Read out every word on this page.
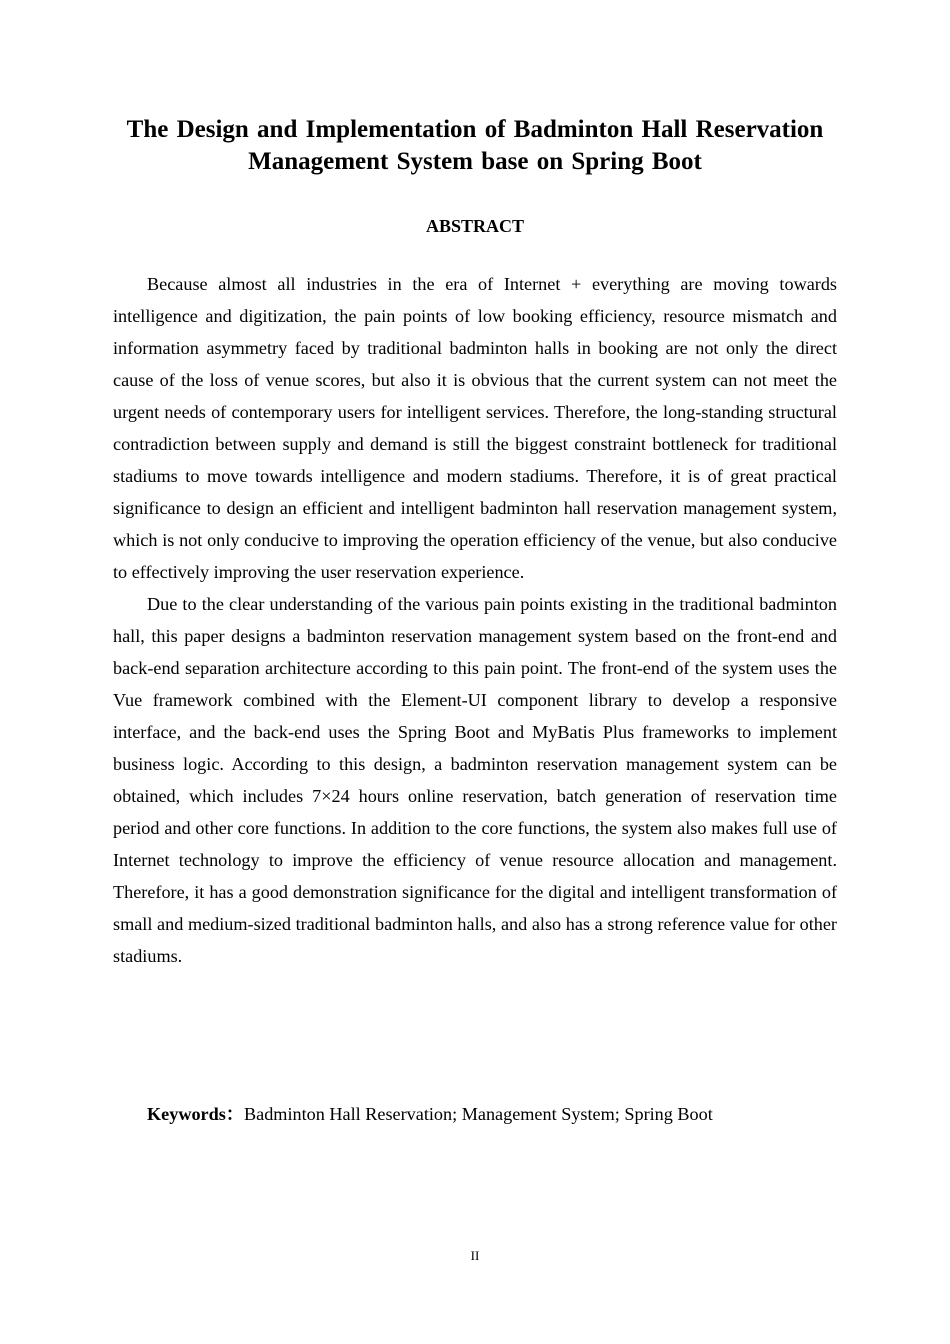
The Design and Implementation of Badminton Hall Reservation
Management System base on Spring Boot
ABSTRACT

Because almost all industries in the era of Internet + everything are moving towards intelligence and digitization, the pain points of low booking efficiency, resource mismatch and information asymmetry faced by traditional badminton halls in booking are not only the direct cause of the loss of venue scores, but also it is obvious that the current system can not meet the urgent needs of contemporary users for intelligent services. Therefore, the long-standing structural contradiction between supply and demand is still the biggest constraint bottleneck for traditional stadiums to move towards intelligence and modern stadiums. Therefore, it is of great practical significance to design an efficient and intelligent badminton hall reservation management system, which is not only conducive to improving the operation efficiency of the venue, but also conducive to effectively improving the user reservation experience.

Due to the clear understanding of the various pain points existing in the traditional badminton hall, this paper designs a badminton reservation management system based on the front-end and back-end separation architecture according to this pain point. The front-end of the system uses the Vue framework combined with the Element-UI component library to develop a responsive interface, and the back-end uses the Spring Boot and MyBatis Plus frameworks to implement business logic. According to this design, a badminton reservation management system can be obtained, which includes 7×24 hours online reservation, batch generation of reservation time period and other core functions. In addition to the core functions, the system also makes full use of Internet technology to improve the efficiency of venue resource allocation and management. Therefore, it has a good demonstration significance for the digital and intelligent transformation of small and medium-sized traditional badminton halls, and also has a strong reference value for other stadiums.

Keywords：Badminton Hall Reservation; Management System; Spring Boot
II
